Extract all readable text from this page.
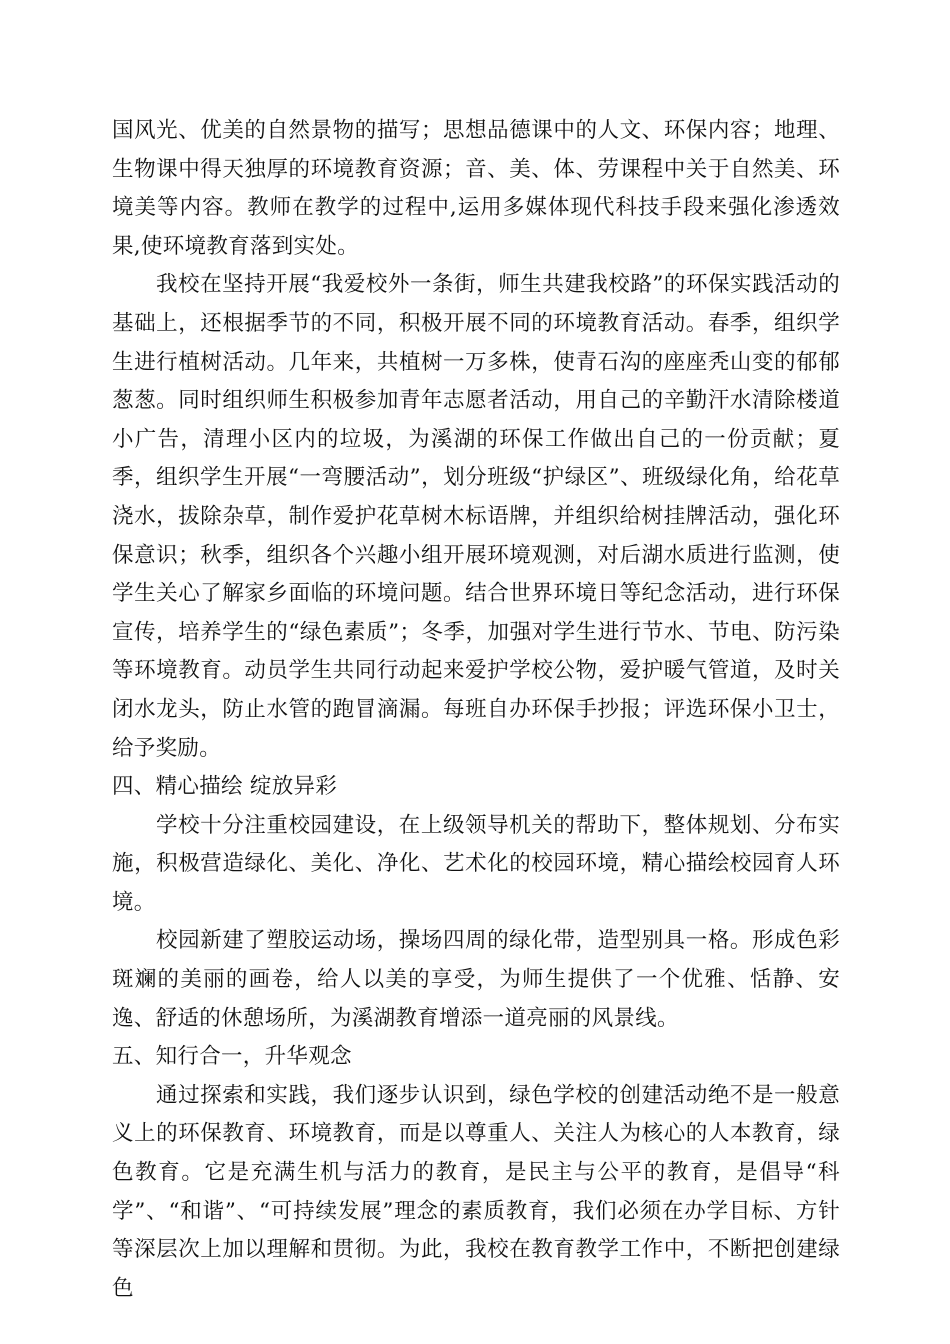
国风光、优美的自然景物的描写；思想品德课中的人文、环保内容；地理、生物课中得天独厚的环境教育资源；音、美、体、劳课程中关于自然美、环境美等内容。教师在教学的过程中,运用多媒体现代科技手段来强化渗透效果,使环境教育落到实处。

我校在坚持开展“我爱校外一条街，师生共建我校路”的环保实践活动的基础上，还根据季节的不同，积极开展不同的环境教育活动。春季，组织学生进行植树活动。几年来，共植树一万多株，使青石沟的座座秃山变的郁郁葱葱。同时组织师生积极参加青年志愿者活动，用自己的辛勤汗水清除楼道小广告，清理小区内的垃圾，为溪湖的环保工作做出自己的一份贡献；夏季，组织学生开展“一弯腰活动”，划分班级“护绿区”、班级绿化角，给花草浇水，拔除杂草，制作爱护花草树木标语牌，并组织给树挂牌活动，强化环保意识；秋季，组织各个兴趣小组开展环境观测，对后湖水质进行监测，使学生关心了解家乡面临的环境问题。结合世界环境日等纪念活动，进行环保宣传，培养学生的“绿色素质”；冬季，加强对学生进行节水、节电、防污染等环境教育。动员学生共同行动起来爱护学校公物，爱护暖气管道，及时关闭水龙头，防止水管的跑冒滴漏。每班自办环保手抄报；评选环保小卫士，给予奖励。

四、精心描绘 绽放异彩

学校十分注重校园建设，在上级领导机关的帮助下，整体规划、分布实施，积极营造绿化、美化、净化、艺术化的校园环境，精心描绘校园育人环境。

校园新建了塑胶运动场，操场四周的绿化带，造型别具一格。形成色彩斑斓的美丽的画卷，给人以美的享受，为师生提供了一个优雅、恬静、安逸、舒适的休憩场所，为溪湖教育增添一道亮丽的风景线。

五、知行合一，升华观念

通过探索和实践，我们逐步认识到，绿色学校的创建活动绝不是一般意义上的环保教育、环境教育，而是以尊重人、关注人为核心的人本教育，绿色教育。它是充满生机与活力的教育，是民主与公平的教育，是倡导“科学”、“和谐”、“可持续发展”理念的素质教育，我们必须在办学目标、方针等深层次上加以理解和贯彻。为此，我校在教育教学工作中，不断把创建绿色
